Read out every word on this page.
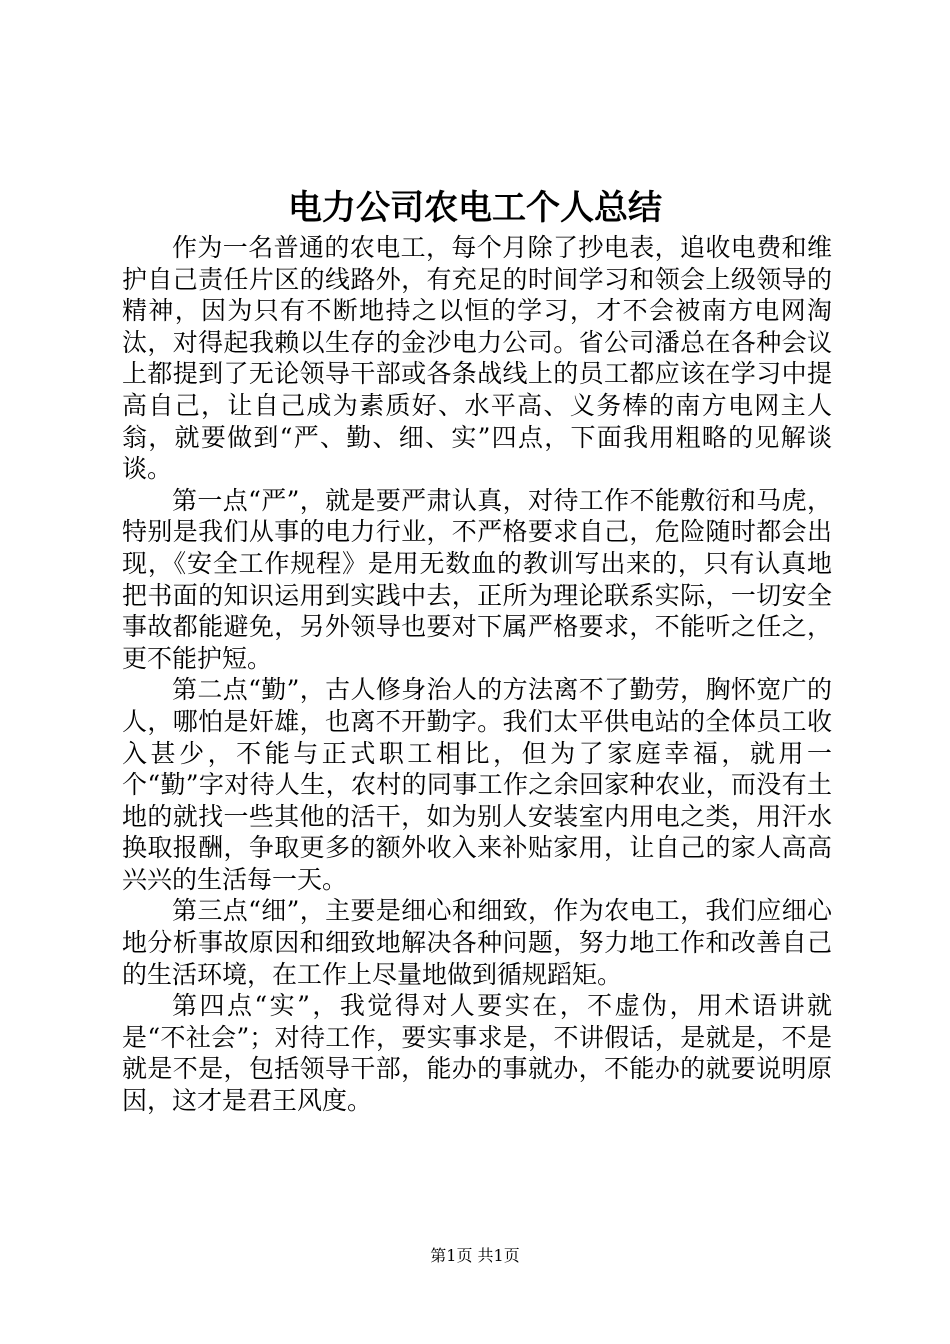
电力公司农电工个人总结

作为一名普通的农电工，每个月除了抄电表，追收电费和维护自己责任片区的线路外，有充足的时间学习和领会上级领导的精神，因为只有不断地持之以恒的学习，才不会被南方电网淘汰，对得起我赖以生存的金沙电力公司。省公司潘总在各种会议上都提到了无论领导干部或各条战线上的员工都应该在学习中提高自己，让自己成为素质好、水平高、义务棒的南方电网主人翁，就要做到“严、勤、细、实”四点，下面我用粗略的见解谈谈。

第一点“严”，就是要严肃认真，对待工作不能敷衍和马虎，特别是我们从事的电力行业，不严格要求自己，危险随时都会出现，《安全工作规程》是用无数血的教训写出来的，只有认真地把书面的知识运用到实践中去，正所为理论联系实际，一切安全事故都能避免，另外领导也要对下属严格要求，不能听之任之，更不能护短。

第二点“勤”，古人修身治人的方法离不了勤劳，胸怀宽广的人，哪怕是奸雄，也离不开勤字。我们太平供电站的全体员工收入甚少，不能与正式职工相比，但为了家庭幸福，就用一个“勤”字对待人生，农村的同事工作之余回家种农业，而没有土地的就找一些其他的活干，如为别人安装室内用电之类，用汗水换取报酬，争取更多的额外收入来补贴家用，让自己的家人高高兴兴的生活每一天。

第三点“细”，主要是细心和细致，作为农电工，我们应细心地分析事故原因和细致地解决各种问题，努力地工作和改善自己的生活环境，在工作上尽量地做到循规蹈矩。

第四点“实”，我觉得对人要实在，不虚伪，用术语讲就是“不社会”；对待工作，要实事求是，不讲假话，是就是，不是就是不是，包括领导干部，能办的事就办，不能办的就要说明原因，这才是君王风度。

第1页 共1页
